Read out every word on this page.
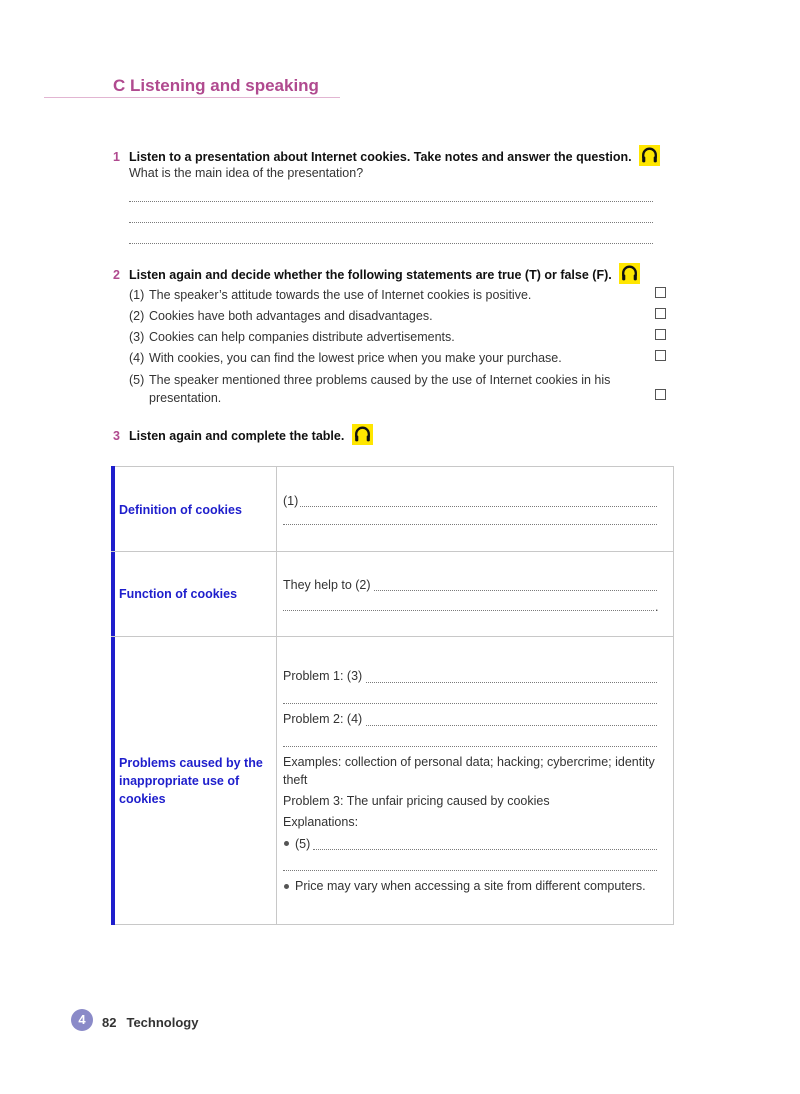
C Listening and speaking
1 Listen to a presentation about Internet cookies. Take notes and answer the question.
What is the main idea of the presentation?
2 Listen again and decide whether the following statements are true (T) or false (F).
(1) The speaker’s attitude towards the use of Internet cookies is positive.
(2) Cookies have both advantages and disadvantages.
(3) Cookies can help companies distribute advertisements.
(4) With cookies, you can find the lowest price when you make your purchase.
(5) The speaker mentioned three problems caused by the use of Internet cookies in his presentation.
3 Listen again and complete the table.
Definition of cookies
(1)
Function of cookies
They help to (2)
.
Problems caused by the inappropriate use of cookies
Problem 1: (3)
Problem 2: (4)
Examples: collection of personal data; hacking; cybercrime; identity theft
Problem 3: The unfair pricing caused by cookies
Explanations:
(5)
Price may vary when accessing a site from different computers.
4	82 Technology
